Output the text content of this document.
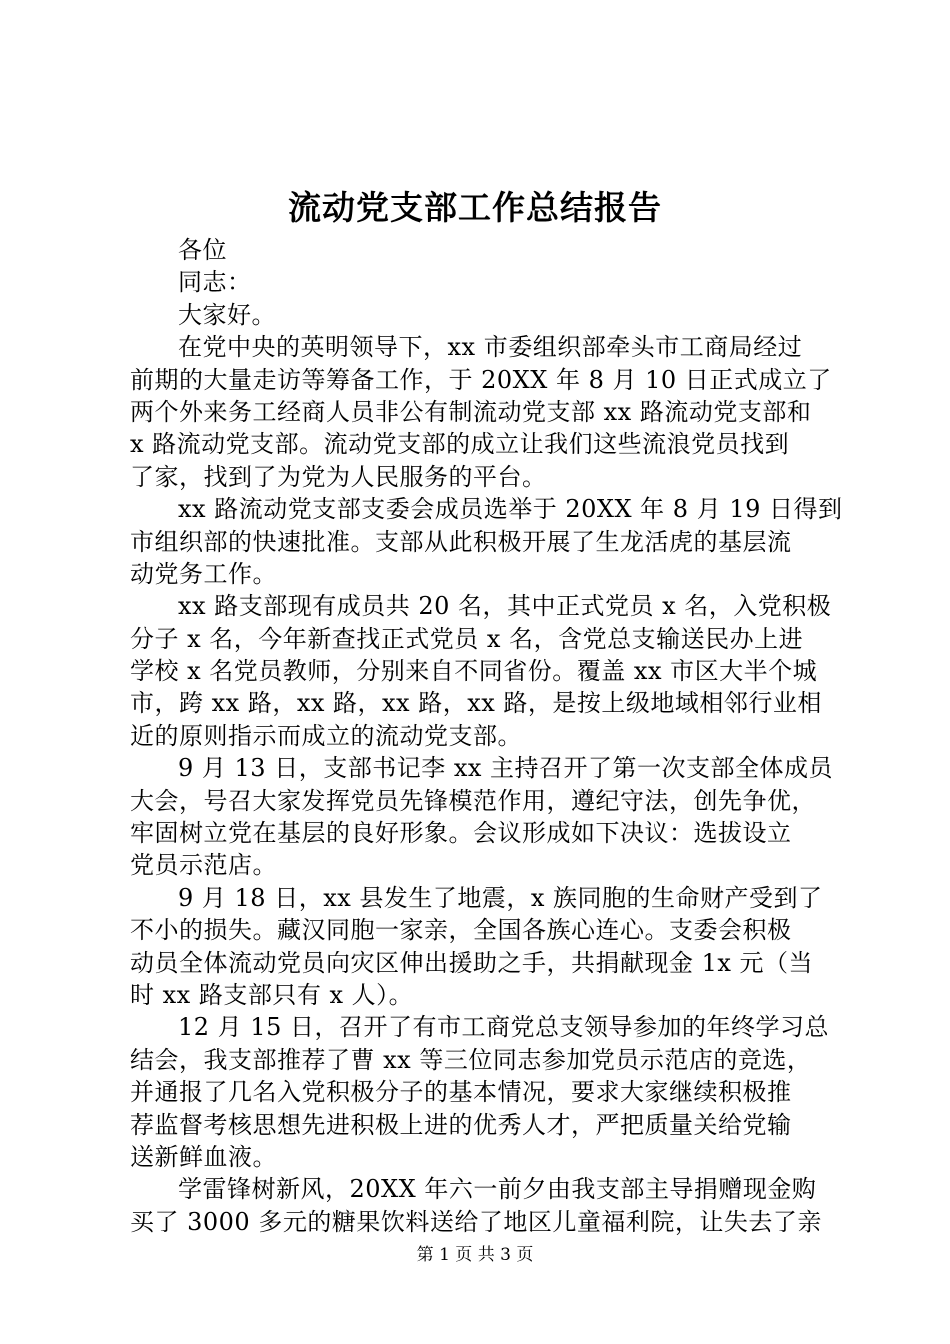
流动党支部工作总结报告
各位
同志：
大家好。
在党中央的英明领导下，xx 市委组织部牵头市工商局经过
前期的大量走访等筹备工作，于 20XX 年 8 月 10 日正式成立了
两个外来务工经商人员非公有制流动党支部 xx 路流动党支部和
x 路流动党支部。流动党支部的成立让我们这些流浪党员找到
了家，找到了为党为人民服务的平台。
xx 路流动党支部支委会成员选举于 20XX 年 8 月 19 日得到
市组织部的快速批准。支部从此积极开展了生龙活虎的基层流
动党务工作。
xx 路支部现有成员共 20 名，其中正式党员 x 名，入党积极
分子 x 名，今年新查找正式党员 x 名，含党总支输送民办上进
学校 x 名党员教师，分别来自不同省份。覆盖 xx 市区大半个城
市，跨 xx 路，xx 路，xx 路，xx 路，是按上级地域相邻行业相
近的原则指示而成立的流动党支部。
9 月 13 日，支部书记李 xx 主持召开了第一次支部全体成员
大会，号召大家发挥党员先锋模范作用，遵纪守法，创先争优，
牢固树立党在基层的良好形象。会议形成如下决议：选拔设立
党员示范店。
9 月 18 日，xx 县发生了地震，x 族同胞的生命财产受到了
不小的损失。藏汉同胞一家亲，全国各族心连心。支委会积极
动员全体流动党员向灾区伸出援助之手，共捐献现金 1x 元（当
时 xx 路支部只有 x 人）。
12 月 15 日，召开了有市工商党总支领导参加的年终学习总
结会，我支部推荐了曹 xx 等三位同志参加党员示范店的竞选，
并通报了几名入党积极分子的基本情况，要求大家继续积极推
荐监督考核思想先进积极上进的优秀人才，严把质量关给党输
送新鲜血液。
学雷锋树新风，20XX 年六一前夕由我支部主导捐赠现金购
买了 3000 多元的糖果饮料送给了地区儿童福利院，让失去了亲
第 1 页 共 3 页
